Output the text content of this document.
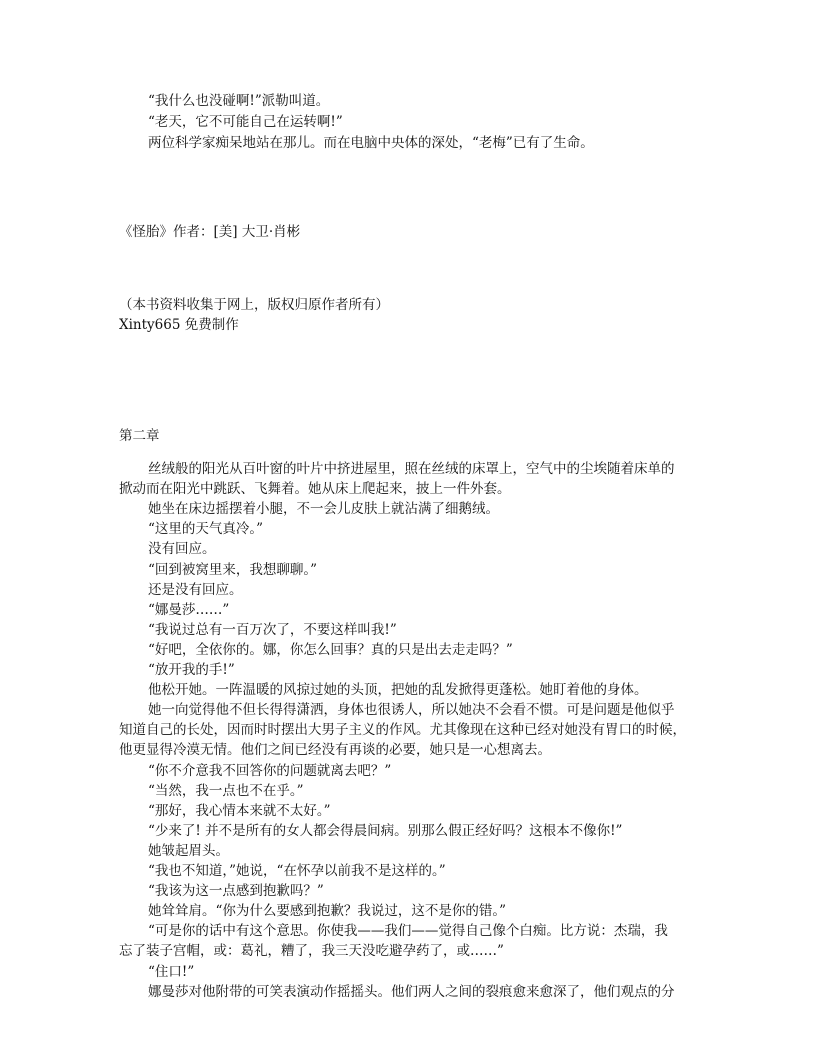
“我什么也没碰啊!”派勒叫道。
“老天，它不可能自己在运转啊!”
两位科学家痴呆地站在那儿。而在电脑中央体的深处，“老梅”已有了生命。
《怪胎》作者：[美] 大卫·肖彬
（本书资料收集于网上，版权归原作者所有）
Xinty665 免费制作
第二章
丝绒般的阳光从百叶窗的叶片中挤进屋里，照在丝绒的床罩上，空气中的尘埃随着床单的
掀动而在阳光中跳跃、飞舞着。她从床上爬起来，披上一件外套。
她坐在床边摇摆着小腿，不一会儿皮肤上就沾满了细鹅绒。
“这里的天气真冷。”
没有回应。
“回到被窝里来，我想聊聊。”
还是没有回应。
“娜曼莎……”
“我说过总有一百万次了，不要这样叫我!”
“好吧，全依你的。娜，你怎么回事？真的只是出去走走吗？”
“放开我的手!”
他松开她。一阵温暖的风掠过她的头顶，把她的乱发掀得更蓬松。她盯着他的身体。
她一向觉得他不但长得得潇洒，身体也很诱人，所以她决不会看不惯。可是问题是他似乎
知道自己的长处，因而时时摆出大男子主义的作风。尤其像现在这种已经对她没有胃口的时候，
他更显得冷漠无情。他们之间已经没有再谈的必要，她只是一心想离去。
“你不介意我不回答你的问题就离去吧？”
“当然，我一点也不在乎。”
“那好，我心情本来就不太好。”
“少来了! 并不是所有的女人都会得晨间病。别那么假正经好吗？这根本不像你!”
她皱起眉头。
“我也不知道，”她说，“在怀孕以前我不是这样的。”
“我该为这一点感到抱歉吗？”
她耸耸肩。“你为什么要感到抱歉？我说过，这不是你的错。”
“可是你的话中有这个意思。你使我——我们——觉得自己像个白痴。比方说：杰瑞，我
忘了装子宫帽，或：葛礼，糟了，我三天没吃避孕药了，或……”
“住口!”
娜曼莎对他附带的可笑表演动作摇摇头。他们两人之间的裂痕愈来愈深了，他们观点的分
